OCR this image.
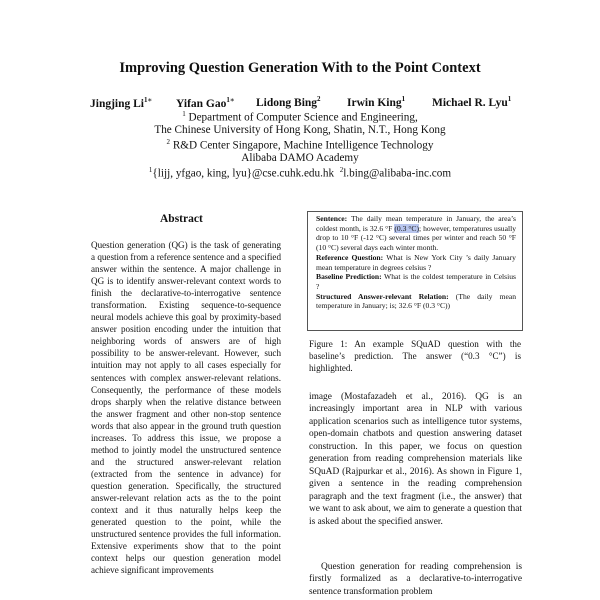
Improving Question Generation With to the Point Context
Jingjing $Li^{1∗}$ Yifan Gao$^{1∗}$ Lidong Bing$^2$ Irwin King$^1$ Michael R. Lyu$^1$
$^1$ Department of Computer Science and Engineering,
The Chinese University of Hong Kong, Shatin, N.T., Hong Kong
$^2$ R&D Center Singapore, Machine Intelligence Technology
Alibaba DAMO Academy
$^1${lijj, yfgao, king, lyu}@cse.cuhk.edu.hk $^2$l.bing@alibaba-inc.com
Abstract

Question generation (QG) is the task of generating a question from a reference sentence and a specified answer within the sentence. A major challenge in QG is to identify answer-relevant context words to finish the declarative-to-interrogative sentence transformation. Existing sequence-to-sequence neural models achieve this goal by proximity-based answer position encoding under the intuition that neighboring words of answers are of high possibility to be answer-relevant. However, such intuition may not apply to all cases especially for sentences with complex answer-relevant relations. Consequently, the performance of these models drops sharply when the relative distance between the answer fragment and other non-stop sentence words that also appear in the ground truth question increases. To address this issue, we propose a method to jointly model the unstructured sentence and the structured answer-relevant relation (extracted from the sentence in advance) for question generation. Specifically, the structured answer-relevant relation acts as the to the point context and it thus naturally helps keep the generated question to the point, while the unstructured sentence provides the full information. Extensive experiments show that to the point context helps our question generation model achieve significant improvements

Sentence: The daily mean temperature in January, the area’s coldest month, is 32.6 °F (0.3 °C); however, temperatures usually drop to 10 °F (-12 °C) several times per winter and reach 50 °F (10 °C) several days each winter month.
Reference Question: What is New York City ’s daily January mean temperature in degrees celsius ?
Baseline Prediction: What is the coldest temperature in Celsius ?
Structured Answer-relevant Relation: (The daily mean temperature in January; is; 32.6 °F (0.3 °C))

Figure 1: An example SQuAD question with the baseline’s prediction. The answer (“0.3 °C”) is highlighted.

image (Mostafazadeh et al., 2016). QG is an increasingly important area in NLP with various application scenarios such as intelligence tutor systems, open-domain chatbots and question answering dataset construction. In this paper, we focus on question generation from reading comprehension materials like SQuAD (Rajpurkar et al., 2016). As shown in Figure 1, given a sentence in the reading comprehension paragraph and the text fragment (i.e., the answer) that we want to ask about, we aim to generate a question that is asked about the specified answer.

Question generation for reading comprehension is firstly formalized as a declarative-to-interrogative sentence transformation problem
